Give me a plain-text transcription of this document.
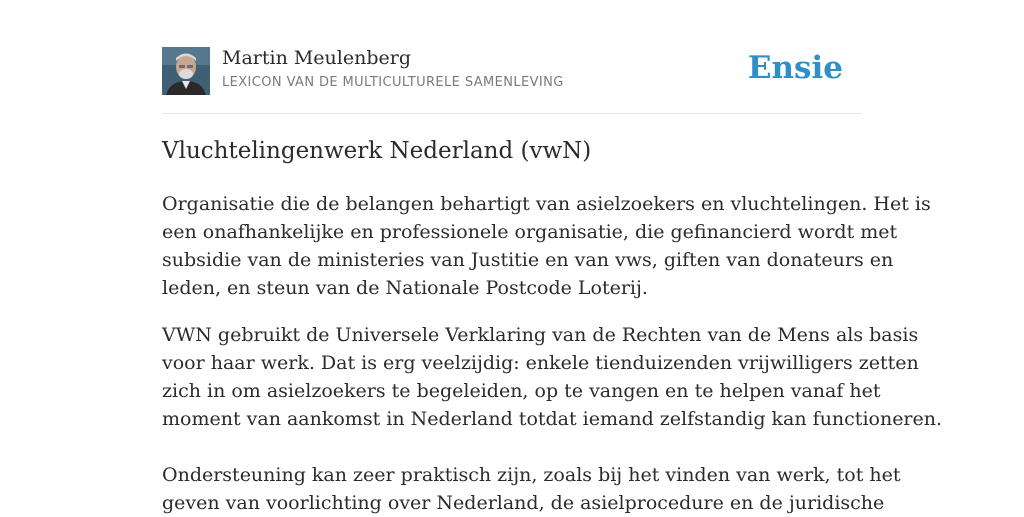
Martin Meulenberg
LEXICON VAN DE MULTICULTURELE SAMENLEVING	Ensie
Vluchtelingenwerk Nederland (vwN)

Organisatie die de belangen behartigt van asielzoekers en vluchtelingen. Het is
een onafhankelijke en professionele organisatie, die gefinancierd wordt met
subsidie van de ministeries van Justitie en van vws, giften van donateurs en
leden, en steun van de Nationale Postcode Loterij.

VWN gebruikt de Universele Verklaring van de Rechten van de Mens als basis
voor haar werk. Dat is erg veelzijdig: enkele tienduizenden vrijwilligers zetten
zich in om asielzoekers te begeleiden, op te vangen en te helpen vanaf het
moment van aankomst in Nederland totdat iemand zelfstandig kan functioneren.

Ondersteuning kan zeer praktisch zijn, zoals bij het vinden van werk, tot het
geven van voorlichting over Nederland, de asielprocedure en de juridische
